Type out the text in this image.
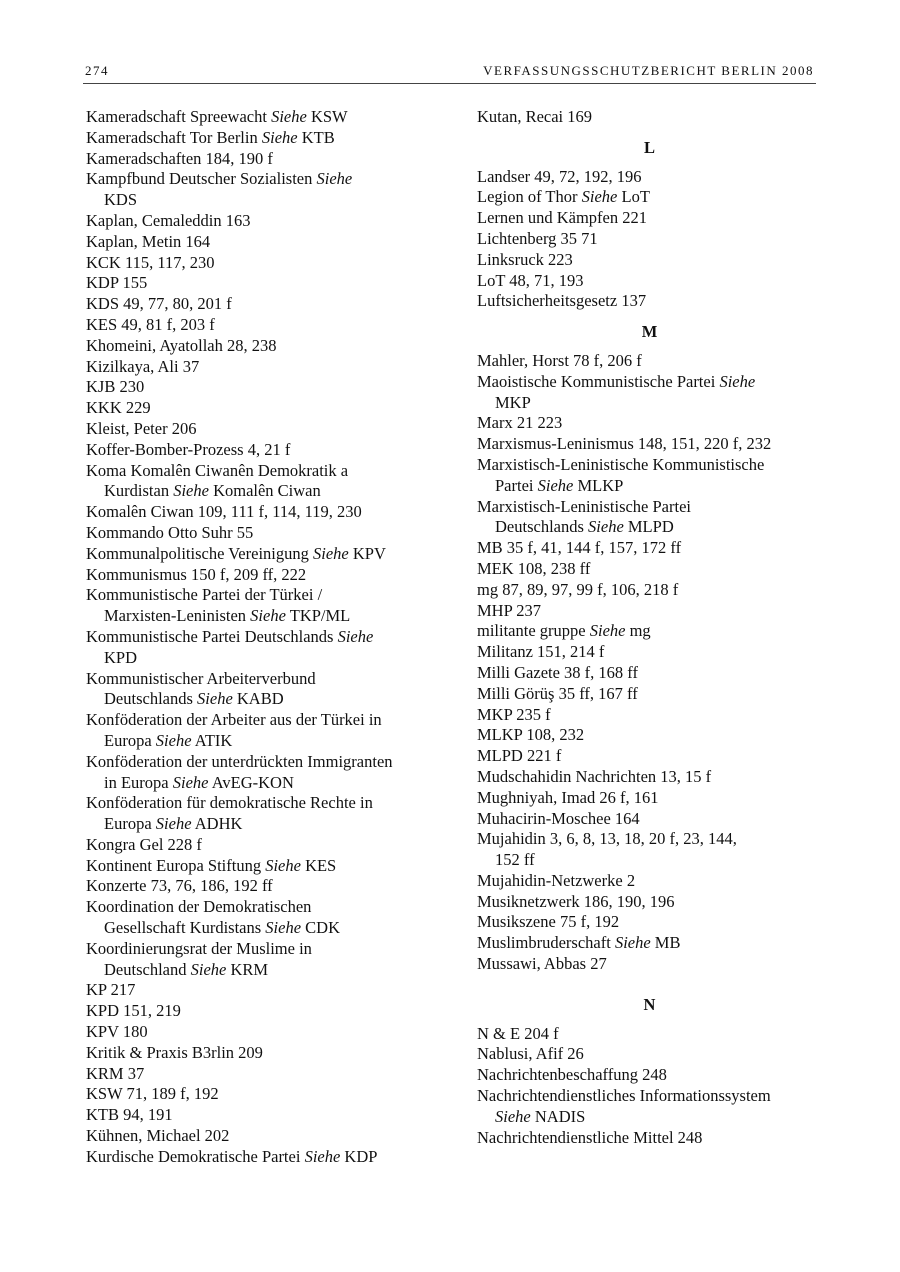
274	VERFASSUNGSSCHUTZBERICHT BERLIN 2008
Kameradschaft Spreewacht Siehe KSW
Kameradschaft Tor Berlin Siehe KTB
Kameradschaften 184, 190 f
Kampfbund Deutscher Sozialisten Siehe
KDS
Kaplan, Cemaleddin 163
Kaplan, Metin 164
KCK 115, 117, 230
KDP 155
KDS 49, 77, 80, 201 f
KES 49, 81 f, 203 f
Khomeini, Ayatollah 28, 238
Kizilkaya, Ali 37
KJB 230
KKK 229
Kleist, Peter 206
Koffer-Bomber-Prozess 4, 21 f
Koma Komalên Ciwanên Demokratik a
Kurdistan Siehe Komalên Ciwan
Komalên Ciwan 109, 111 f, 114, 119, 230
Kommando Otto Suhr 55
Kommunalpolitische Vereinigung Siehe KPV
Kommunismus 150 f, 209 ff, 222
Kommunistische Partei der Türkei /
Marxisten-Leninisten Siehe TKP/ML
Kommunistische Partei Deutschlands Siehe
KPD
Kommunistischer Arbeiterverbund
Deutschlands Siehe KABD
Konföderation der Arbeiter aus der Türkei in
Europa Siehe ATIK
Konföderation der unterdrückten Immigranten
in Europa Siehe AvEG-KON
Konföderation für demokratische Rechte in
Europa Siehe ADHK
Kongra Gel 228 f
Kontinent Europa Stiftung Siehe KES
Konzerte 73, 76, 186, 192 ff
Koordination der Demokratischen
Gesellschaft Kurdistans Siehe CDK
Koordinierungsrat der Muslime in
Deutschland Siehe KRM
KP 217
KPD 151, 219
KPV 180
Kritik & Praxis B3rlin 209
KRM 37
KSW 71, 189 f, 192
KTB 94, 191
Kühnen, Michael 202
Kurdische Demokratische Partei Siehe KDP
Kutan, Recai 169
L
Landser 49, 72, 192, 196
Legion of Thor Siehe LoT
Lernen und Kämpfen 221
Lichtenberg 35 71
Linksruck 223
LoT 48, 71, 193
Luftsicherheitsgesetz 137
M
Mahler, Horst 78 f, 206 f
Maoistische Kommunistische Partei Siehe
MKP
Marx 21 223
Marxismus-Leninismus 148, 151, 220 f, 232
Marxistisch-Leninistische Kommunistische
Partei Siehe MLKP
Marxistisch-Leninistische Partei
Deutschlands Siehe MLPD
MB 35 f, 41, 144 f, 157, 172 ff
MEK 108, 238 ff
mg 87, 89, 97, 99 f, 106, 218 f
MHP 237
militante gruppe Siehe mg
Militanz 151, 214 f
Milli Gazete 38 f, 168 ff
Milli Görüş 35 ff, 167 ff
MKP 235 f
MLKP 108, 232
MLPD 221 f
Mudschahidin Nachrichten 13, 15 f
Mughniyah, Imad 26 f, 161
Muhacirin-Moschee 164
Mujahidin 3, 6, 8, 13, 18, 20 f, 23, 144,
152 ff
Mujahidin-Netzwerke 2
Musiknetzwerk 186, 190, 196
Musikszene 75 f, 192
Muslimbruderschaft Siehe MB
Mussawi, Abbas 27
N
N & E 204 f
Nablusi, Afif 26
Nachrichtenbeschaffung 248
Nachrichtendienstliches Informationssystem
Siehe NADIS
Nachrichtendienstliche Mittel 248
